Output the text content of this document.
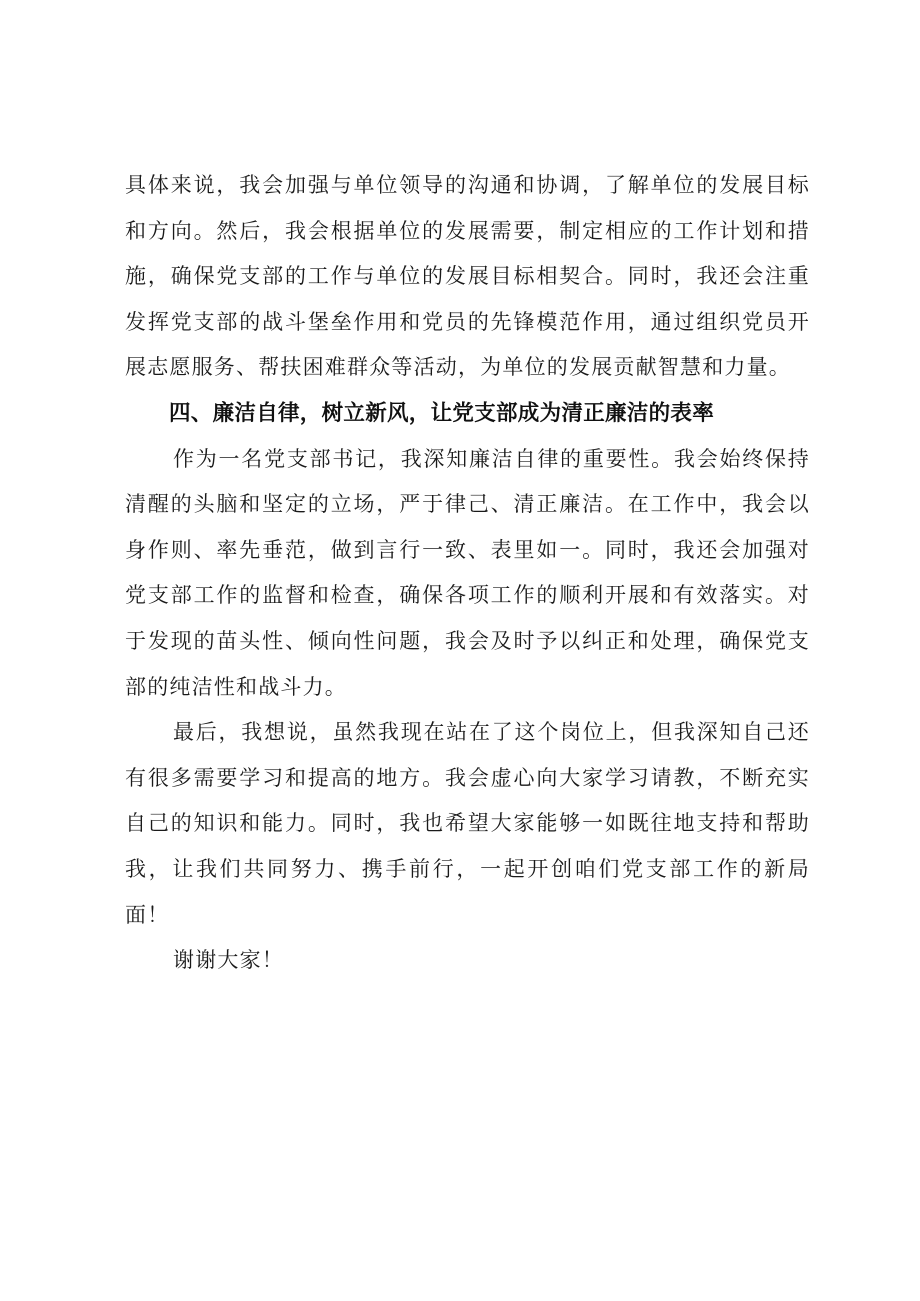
具体来说，我会加强与单位领导的沟通和协调，了解单位的发展目标和方向。然后，我会根据单位的发展需要，制定相应的工作计划和措施，确保党支部的工作与单位的发展目标相契合。同时，我还会注重发挥党支部的战斗堡垒作用和党员的先锋模范作用，通过组织党员开展志愿服务、帮扶困难群众等活动，为单位的发展贡献智慧和力量。

四、廉洁自律，树立新风，让党支部成为清正廉洁的表率

作为一名党支部书记，我深知廉洁自律的重要性。我会始终保持清醒的头脑和坚定的立场，严于律己、清正廉洁。在工作中，我会以身作则、率先垂范，做到言行一致、表里如一。同时，我还会加强对党支部工作的监督和检查，确保各项工作的顺利开展和有效落实。对于发现的苗头性、倾向性问题，我会及时予以纠正和处理，确保党支部的纯洁性和战斗力。

最后，我想说，虽然我现在站在了这个岗位上，但我深知自己还有很多需要学习和提高的地方。我会虚心向大家学习请教，不断充实自己的知识和能力。同时，我也希望大家能够一如既往地支持和帮助我，让我们共同努力、携手前行，一起开创咱们党支部工作的新局面！

谢谢大家！
